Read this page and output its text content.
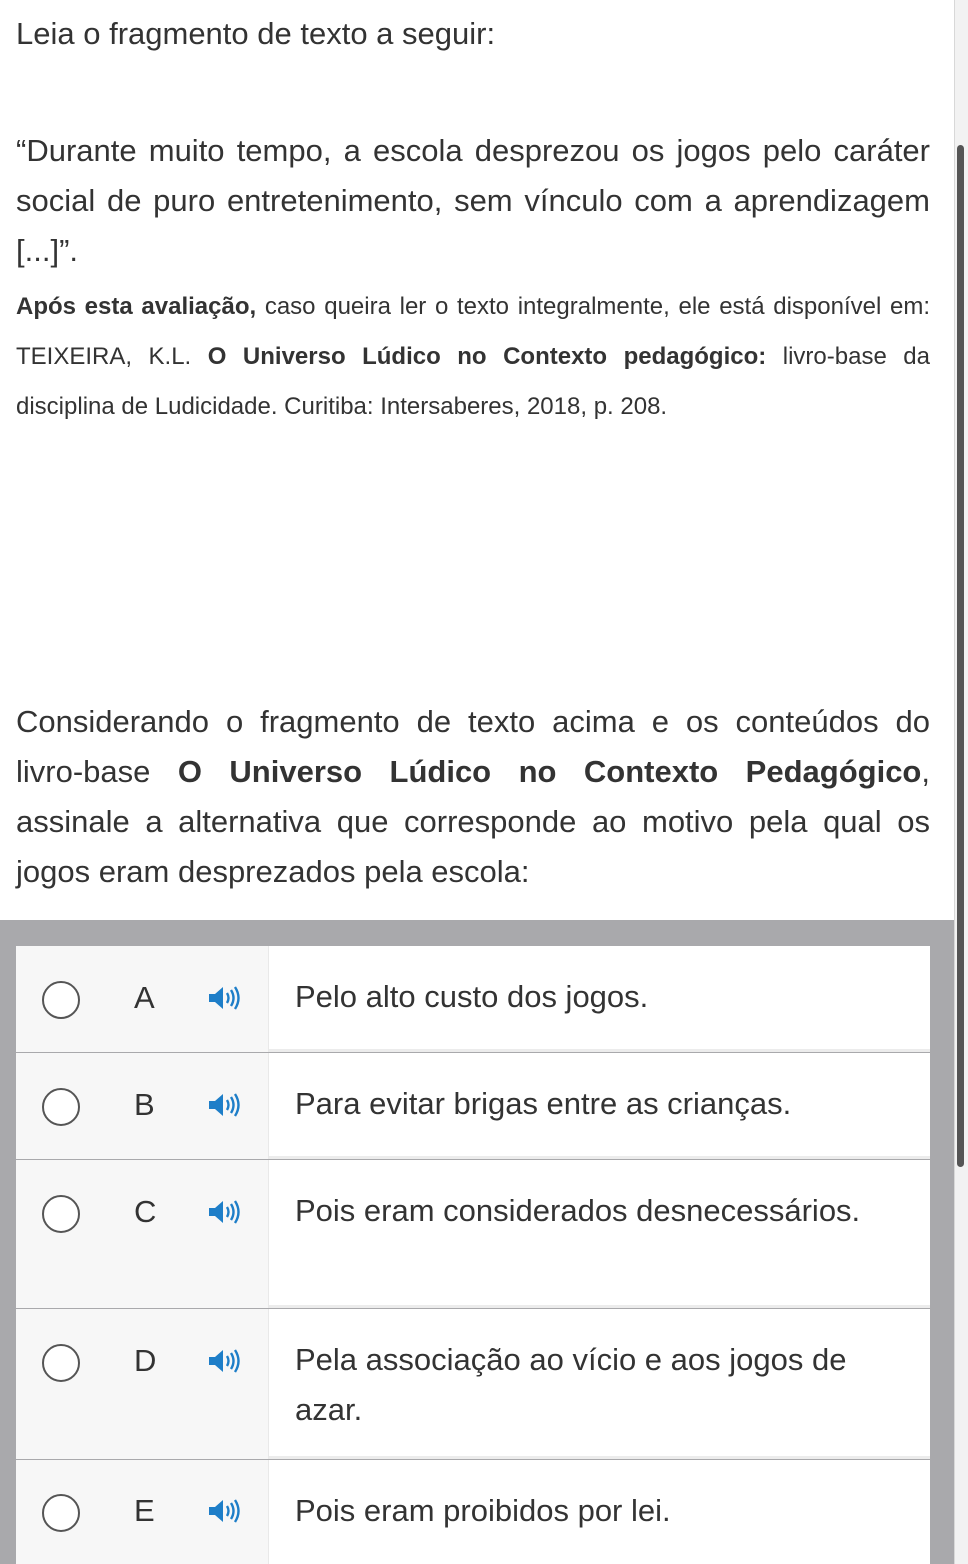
Leia o fragmento de texto a seguir:

“Durante muito tempo, a escola desprezou os jogos pelo caráter social de puro entretenimento, sem vínculo com a aprendizagem [...]”.

Após esta avaliação, caso queira ler o texto integralmente, ele está disponível em: TEIXEIRA, K.L. O Universo Lúdico no Contexto pedagógico: livro-base da disciplina de Ludicidade. Curitiba: Intersaberes, 2018, p. 208.

Considerando o fragmento de texto acima e os conteúdos do livro-base O Universo Lúdico no Contexto Pedagógico, assinale a alternativa que corresponde ao motivo pela qual os jogos eram desprezados pela escola:

A	Pelo alto custo dos jogos.
B	Para evitar brigas entre as crianças.
C	Pois eram considerados desnecessários.
D	Pela associação ao vício e aos jogos de azar.
E	Pois eram proibidos por lei.
